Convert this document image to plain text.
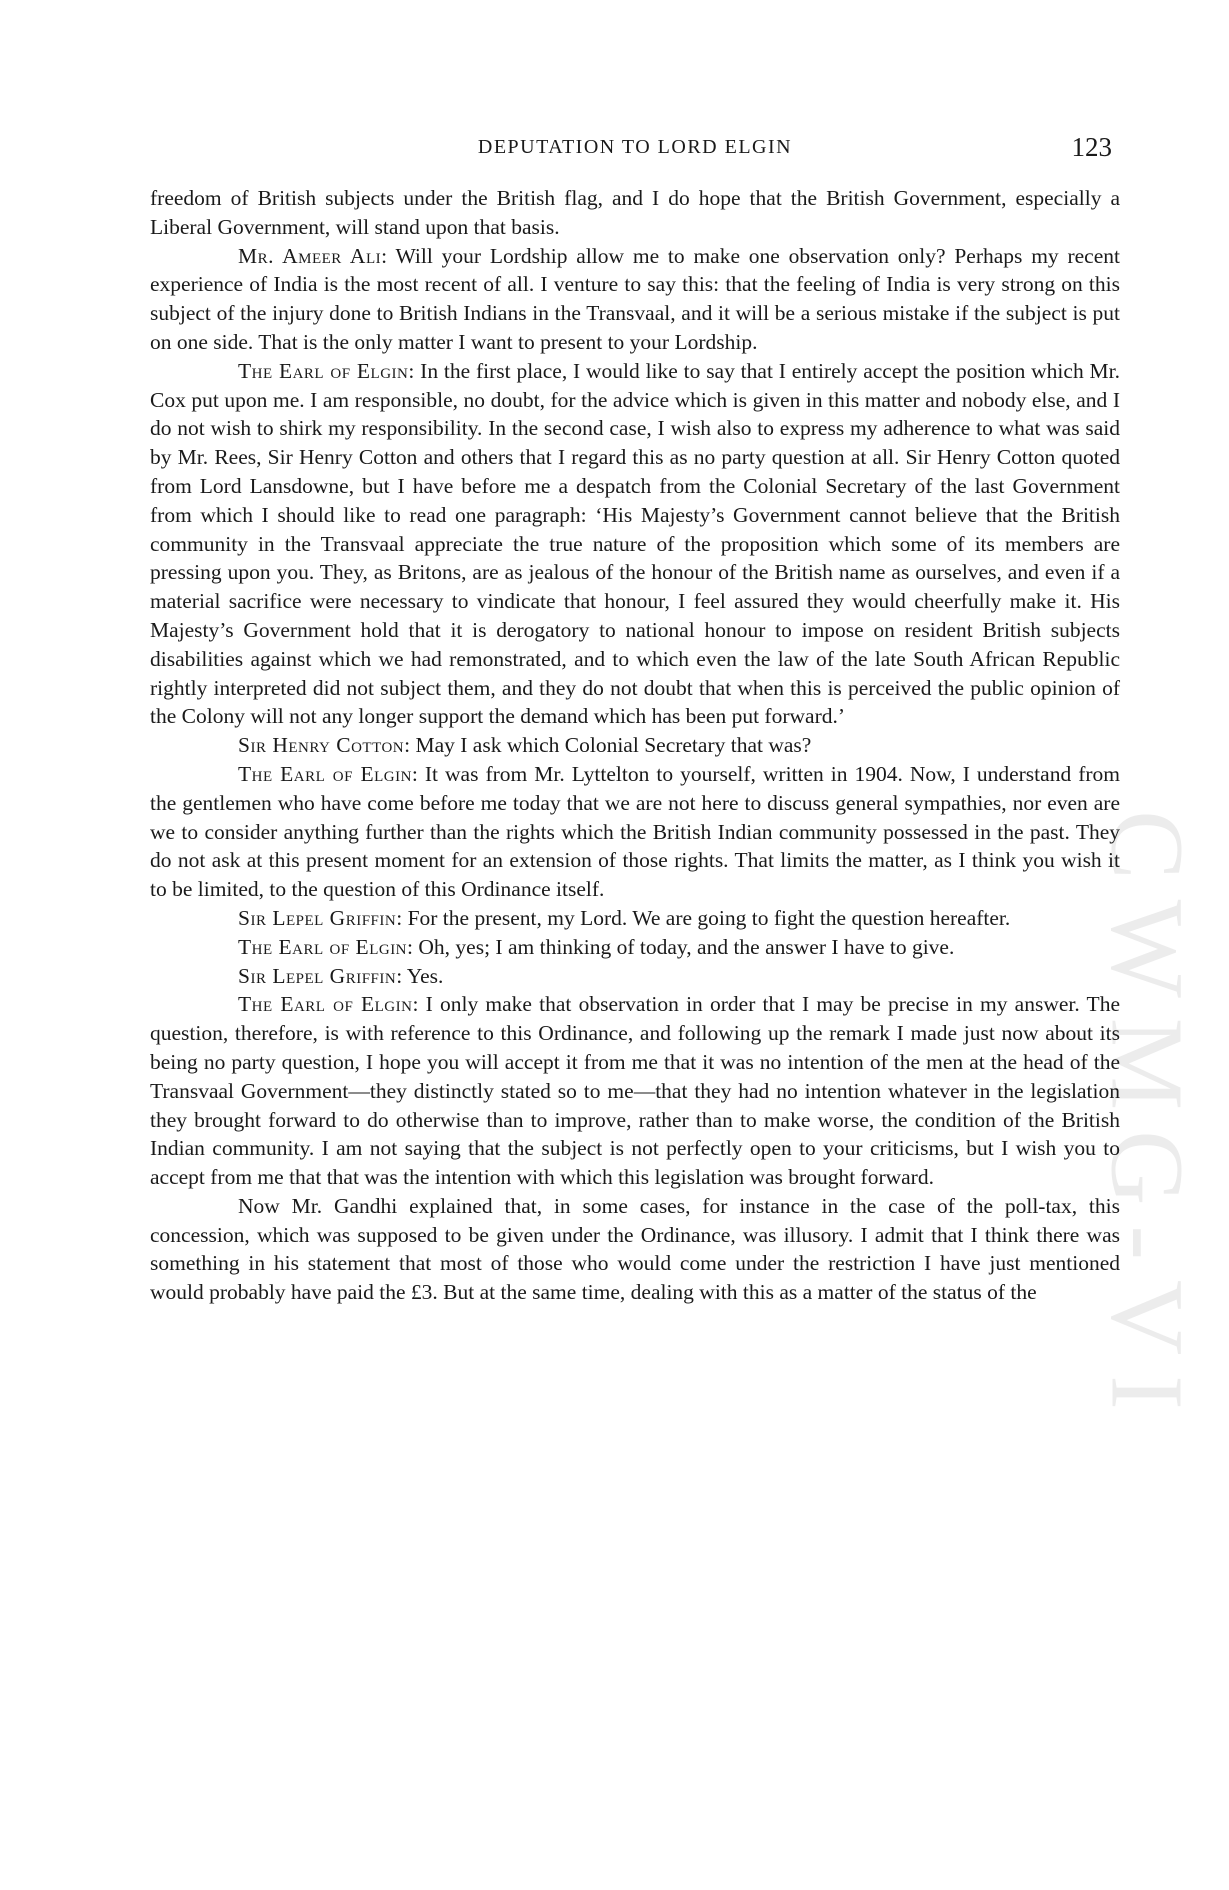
DEPUTATION TO LORD ELGIN	123
CWMG-VI

freedom of British subjects under the British flag, and I do hope that the British Government, especially a Liberal Government, will stand upon that basis.

Mr. Ameer Ali: Will your Lordship allow me to make one observation only? Perhaps my recent experience of India is the most recent of all. I venture to say this: that the feeling of India is very strong on this subject of the injury done to British Indians in the Transvaal, and it will be a serious mistake if the subject is put on one side. That is the only matter I want to present to your Lordship.

The Earl of Elgin: In the first place, I would like to say that I entirely accept the position which Mr. Cox put upon me. I am responsible, no doubt, for the advice which is given in this matter and nobody else, and I do not wish to shirk my responsibility. In the second case, I wish also to express my adherence to what was said by Mr. Rees, Sir Henry Cotton and others that I regard this as no party question at all. Sir Henry Cotton quoted from Lord Lansdowne, but I have before me a despatch from the Colonial Secretary of the last Government from which I should like to read one paragraph: ‘His Majesty’s Government cannot believe that the British community in the Transvaal appreciate the true nature of the proposition which some of its members are pressing upon you. They, as Britons, are as jealous of the honour of the British name as ourselves, and even if a material sacrifice were necessary to vindicate that honour, I feel assured they would cheerfully make it. His Majesty’s Government hold that it is derogatory to national honour to impose on resident British subjects disabilities against which we had remonstrated, and to which even the law of the late South African Republic rightly interpreted did not subject them, and they do not doubt that when this is perceived the public opinion of the Colony will not any longer support the demand which has been put forward.’

Sir Henry Cotton: May I ask which Colonial Secretary that was?

The Earl of Elgin: It was from Mr. Lyttelton to yourself, written in 1904. Now, I understand from the gentlemen who have come before me today that we are not here to discuss general sympathies, nor even are we to consider anything further than the rights which the British Indian community possessed in the past. They do not ask at this present moment for an extension of those rights. That limits the matter, as I think you wish it to be limited, to the question of this Ordinance itself.

Sir Lepel Griffin: For the present, my Lord. We are going to fight the question hereafter.

The Earl of Elgin: Oh, yes; I am thinking of today, and the answer I have to give.

Sir Lepel Griffin: Yes.

The Earl of Elgin: I only make that observation in order that I may be precise in my answer. The question, therefore, is with reference to this Ordinance, and following up the remark I made just now about its being no party question, I hope you will accept it from me that it was no intention of the men at the head of the Transvaal Government—they distinctly stated so to me—that they had no intention whatever in the legislation they brought forward to do otherwise than to improve, rather than to make worse, the condition of the British Indian community. I am not saying that the subject is not perfectly open to your criticisms, but I wish you to accept from me that that was the intention with which this legislation was brought forward.

Now Mr. Gandhi explained that, in some cases, for instance in the case of the poll-tax, this concession, which was supposed to be given under the Ordinance, was illusory. I admit that I think there was something in his statement that most of those who would come under the restriction I have just mentioned would probably have paid the £3. But at the same time, dealing with this as a matter of the status of the
